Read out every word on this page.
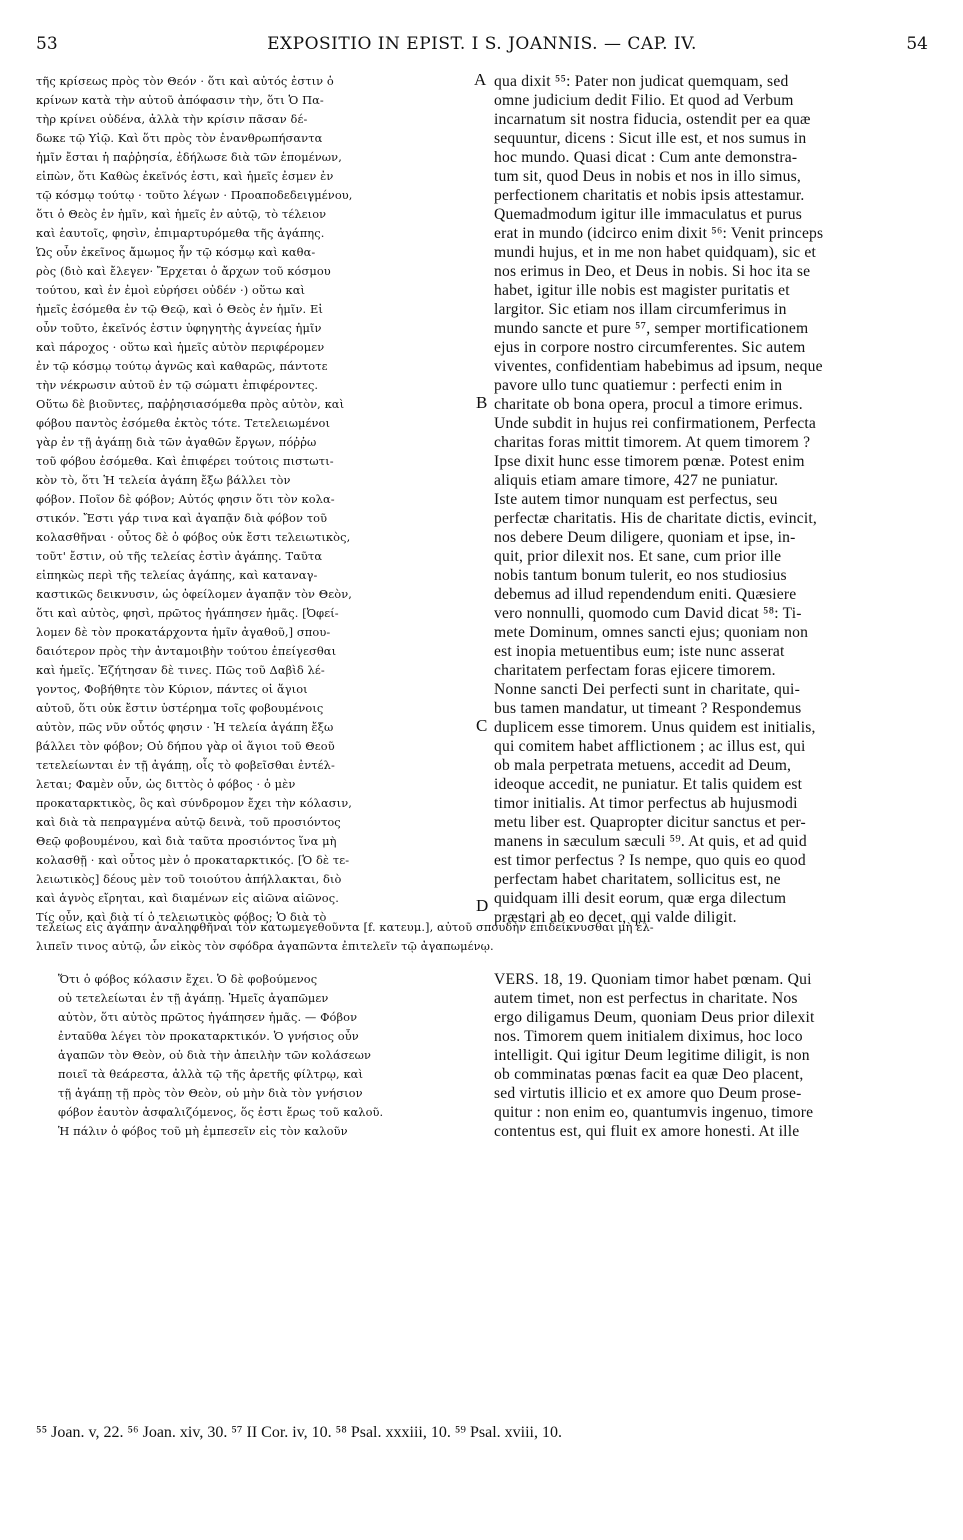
53	EXPOSITIO IN EPIST. I S. JOANNIS. — CAP. IV.	54
τῆς κρίσεως πρὸς τὸν Θεόν · ὅτι καὶ αὐτός ἐστιν ὁ
κρίνων κατὰ τὴν αὐτοῦ ἀπόφασιν τὴν, ὅτι Ὁ Πα-
τὴρ κρίνει οὐδένα, ἀλλὰ τὴν κρίσιν πᾶσαν δέ-
δωκε τῷ Υἱῷ. Καὶ ὅτι πρὸς τὸν ἐνανθρωπήσαντα
ἡμῖν ἔσται ἡ παῤῥησία, ἐδήλωσε διὰ τῶν ἑπομένων,
εἰπὼν, ὅτι Καθὼς ἐκεῖνός ἐστι, καὶ ἡμεῖς ἐσμεν ἐν
τῷ κόσμῳ τούτῳ · τοῦτο λέγων · Προαποδεδειγμένου,
ὅτι ὁ Θεὸς ἐν ἡμῖν, καὶ ἡμεῖς ἐν αὐτῷ, τὸ τέλειον
καὶ ἑαυτοῖς, φησὶν, ἐπιμαρτυρόμεθα τῆς ἀγάπης.
Ὡς οὖν ἐκεῖνος ἄμωμος ἦν τῷ κόσμῳ καὶ καθα-
ρὸς (διὸ καὶ ἔλεγεν· Ἔρχεται ὁ ἄρχων τοῦ κόσμου
τούτου, καὶ ἐν ἐμοὶ εὑρήσει οὐδέν ·) οὕτω καὶ
ἡμεῖς ἐσόμεθα ἐν τῷ Θεῷ, καὶ ὁ Θεὸς ἐν ἡμῖν. Εἰ
οὖν τοῦτο, ἐκεῖνός ἐστιν ὑφηγητὴς ἁγνείας ἡμῖν
καὶ πάροχος · οὕτω καὶ ἡμεῖς αὐτὸν περιφέρομεν
ἐν τῷ κόσμῳ τούτῳ ἁγνῶς καὶ καθαρῶς, πάντοτε
τὴν νέκρωσιν αὐτοῦ ἐν τῷ σώματι ἐπιφέροντες.
Οὕτω δὲ βιοῦντες, παῤῥησιασόμεθα πρὸς αὐτὸν, καὶ
φόβου παντὸς ἐσόμεθα ἐκτὸς τότε. Τετελειωμένοι
γὰρ ἐν τῇ ἀγάπῃ διὰ τῶν ἀγαθῶν ἔργων, πόῤῥω
τοῦ φόβου ἐσόμεθα. Καὶ ἐπιφέρει τούτοις πιστωτι-
κὸν τὸ, ὅτι Ἡ τελεία ἀγάπη ἔξω βάλλει τὸν
φόβον. Ποῖον δὲ φόβον; Αὐτός φησιν ὅτι τὸν κολα-
στικόν. Ἔστι γάρ τινα καὶ ἀγαπᾷν διὰ φόβον τοῦ
κολασθῆναι · οὗτος δὲ ὁ φόβος οὐκ ἔστι τελειωτικὸς,
τοῦτ' ἔστιν, οὐ τῆς τελείας ἐστὶν ἀγάπης. Ταῦτα
εἰπηκὼς περὶ τῆς τελείας ἀγάπης, καὶ καταναγ-
καστικῶς δεικνυσιν, ὡς ὀφείλομεν ἀγαπᾷν τὸν Θεὸν,
ὅτι καὶ αὐτὸς, φησὶ, πρῶτος ἠγάπησεν ἡμᾶς. [Ὀφεί-
λομεν δὲ τὸν προκατάρχοντα ἡμῖν ἀγαθοῦ,] σπου-
δαιότερον πρὸς τὴν ἀνταμοιβὴν τούτου ἐπείγεσθαι
καὶ ἡμεῖς. Ἐζήτησαν δὲ τινες. Πῶς τοῦ Δαβὶδ λέ-
γοντος, Φοβήθητε τὸν Κύριον, πάντες οἱ ἅγιοι
αὐτοῦ, ὅτι οὐκ ἔστιν ὑστέρημα τοῖς φοβουμένοις
αὐτὸν, πῶς νῦν οὗτός φησιν · Ἡ τελεία ἀγάπη ἔξω
βάλλει τὸν φόβον; Οὐ δήπου γὰρ οἱ ἅγιοι τοῦ Θεοῦ
τετελείωνται ἐν τῇ ἀγάπῃ, οἷς τὸ φοβεῖσθαι ἐντέλ-
λεται; Φαμὲν οὖν, ὡς διττὸς ὁ φόβος · ὁ μὲν
προκαταρκτικὸς, ὃς καὶ σύνδρομον ἔχει τὴν κόλασιν,
καὶ διὰ τὰ πεπραγμένα αὐτῷ δεινὰ, τοῦ προσιόντος
Θεῷ φοβουμένου, καὶ διὰ ταῦτα προσιόντος ἵνα μὴ
κολασθῇ · καὶ οὗτος μὲν ὁ προκαταρκτικός. [Ὁ δὲ τε-
λειωτικὸς] δέους μὲν τοῦ τοιούτου ἀπήλλακται, διὸ
καὶ ἁγνὸς εἴρηται, καὶ διαμένων εἰς αἰῶνα αἰῶνος.
Τίς οὖν, καὶ διὰ τί ὁ τελειωτικὸς φόβος; Ὁ διὰ τὸ
qua dixit ⁵⁵: Pater non judicat quemquam, sed
omne judicium dedit Filio. Et quod ad Verbum
incarnatum sit nostra fiducia, ostendit per ea quæ
sequuntur, dicens : Sicut ille est, et nos sumus in
hoc mundo. Quasi dicat : Cum ante demonstra-
tum sit, quod Deus in nobis et nos in illo simus,
perfectionem charitatis et nobis ipsis attestamur.
Quemadmodum igitur ille immaculatus et purus
erat in mundo (idcirco enim dixit ⁵⁶: Venit princeps
mundi hujus, et in me non habet quidquam), sic et
nos erimus in Deo, et Deus in nobis. Si hoc ita se
habet, igitur ille nobis est magister puritatis et
largitor. Sic etiam nos illam circumferimus in
mundo sancte et pure ⁵⁷, semper mortificationem
ejus in corpore nostro circumferentes. Sic autem
viventes, confidentiam habebimus ad ipsum, neque
pavore ullo tunc quatiemur : perfecti enim in
charitate ob bona opera, procul a timore erimus.
Unde subdit in hujus rei confirmationem, Perfecta
charitas foras mittit timorem. At quem timorem ?
Ipse dixit hunc esse timorem pœnæ. Potest enim
aliquis etiam amare timore, 427 ne puniatur.
Iste autem timor nunquam est perfectus, seu
perfectæ charitatis. His de charitate dictis, evincit,
nos debere Deum diligere, quoniam et ipse, in-
quit, prior dilexit nos. Et sane, cum prior ille
nobis tantum bonum tulerit, eo nos studiosius
debemus ad illud rependendum eniti. Quæsiere
vero nonnulli, quomodo cum David dicat ⁵⁸: Ti-
mete Dominum, omnes sancti ejus; quoniam non
est inopia metuentibus eum; iste nunc asserat
charitatem perfectam foras ejicere timorem.
Nonne sancti Dei perfecti sunt in charitate, qui-
bus tamen mandatur, ut timeant ? Respondemus
duplicem esse timorem. Unus quidem est initialis,
qui comitem habet afflictionem ; ac illus est, qui
ob mala perpetrata metuens, accedit ad Deum,
ideoque accedit, ne puniatur. Et talis quidem est
timor initialis. At timor perfectus ab hujusmodi
metu liber est. Quapropter dicitur sanctus et per-
manens in sæculum sæculi ⁵⁹. At quis, et ad quid
est timor perfectus ? Is nempe, quo quis eo quod
perfectam habet charitatem, sollicitus est, ne
quidquam illi desit eorum, quæ erga dilectum
præstari ab eo decet, qui valde diligit.
τελείως εἰς ἀγάπην ἀναληφθῆναι τὸν κατωμεγεθοῦντα [f. κατευμ.], αὐτοῦ σπουδὴν ἐπιδείκνυσθαι μὴ ἐλ-
λιπεῖν τινος αὐτῷ, ὧν εἰκὸς τὸν σφόδρα ἀγαπῶντα ἐπιτελεῖν τῷ ἀγαπωμένῳ.
Ὅτι ὁ φόβος κόλασιν ἔχει. Ὁ δὲ φοβούμενος
οὐ τετελείωται ἐν τῇ ἀγάπῃ. Ἡμεῖς ἀγαπῶμεν
αὐτὸν, ὅτι αὐτὸς πρῶτος ἠγάπησεν ἡμᾶς. — Φόβον
ἐνταῦθα λέγει τὸν προκαταρκτικόν. Ὁ γνήσιος οὖν
ἀγαπῶν τὸν Θεὸν, οὐ διὰ τὴν ἀπειλὴν τῶν κολάσεων
ποιεῖ τὰ θεάρεστα, ἀλλὰ τῷ τῆς ἀρετῆς φίλτρῳ, καὶ
τῇ ἀγάπῃ τῇ πρὸς τὸν Θεὸν, οὐ μὴν διὰ τὸν γνήσιον
φόβον ἑαυτὸν ἀσφαλιζόμενος, ὅς ἐστι ἔρως τοῦ καλοῦ.
Ἡ πάλιν ὁ φόβος τοῦ μὴ ἐμπεσεῖν εἰς τὸν καλοῦν
VERS. 18, 19. Quoniam timor habet pœnam. Qui
autem timet, non est perfectus in charitate. Nos
ergo diligamus Deum, quoniam Deus prior dilexit
nos. Timorem quem initialem diximus, hoc loco
intelligit. Qui igitur Deum legitime diligit, is non
ob comminatas pœnas facit ea quæ Deo placent,
sed virtutis illicio et ex amore quo Deum prose-
quitur : non enim eo, quantumvis ingenuo, timore
contentus est, qui fluit ex amore honesti. At ille
A
B
C
D
⁵⁵ Joan. v, 22. ⁵⁶ Joan. xiv, 30. ⁵⁷ II Cor. iv, 10. ⁵⁸ Psal. xxxiii, 10. ⁵⁹ Psal. xviii, 10.
